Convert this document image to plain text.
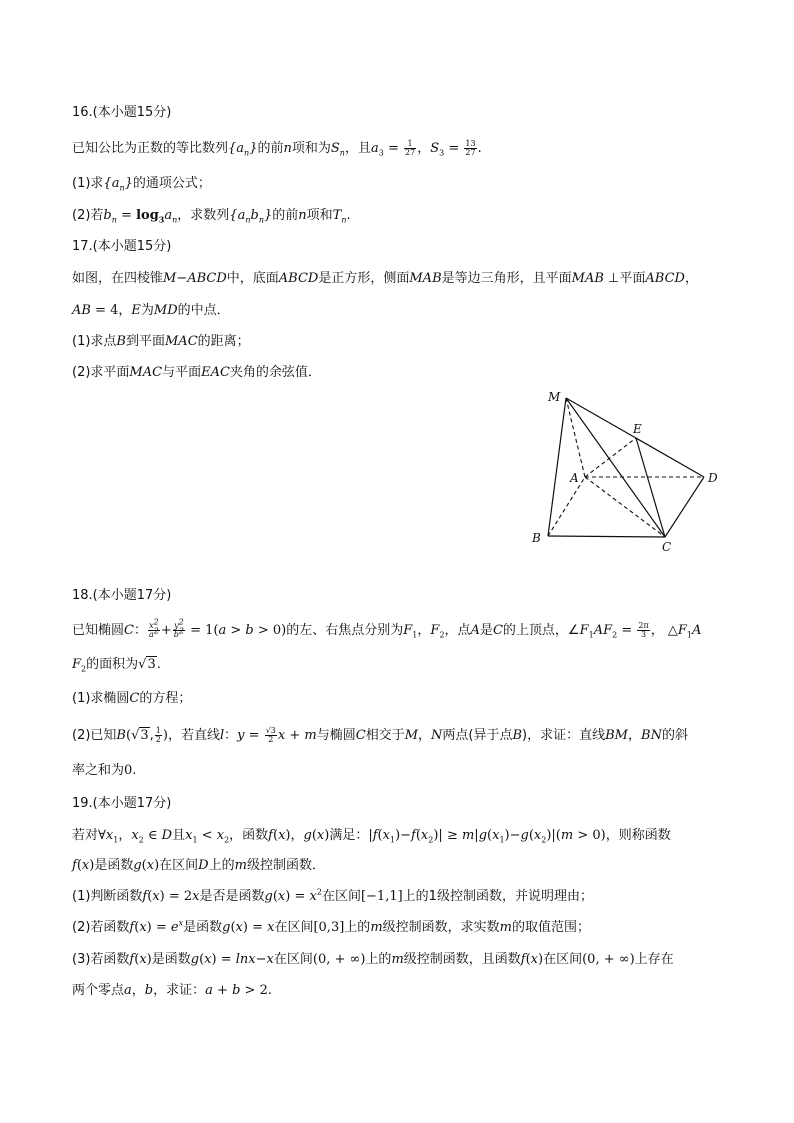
16.(本小题15分)
已知公比为正数的等比数列$\{a_n\}$的前n项和为$S_n$，且$a_3 = \frac{1}{27}$ ，$S_3 = \frac{13}{27}$ .
(1)求$\{a_n\}$的通项公式；
(2)若$b_n = \log_3a_n$，求数列$\{a_nb_n\}$的前n项和$T_n$.
17.(本小题15分)
如图，在四棱锥M−ABCD中，底面ABCD是正方形，侧面MAB是等边三角形，且平面MAB ⊥平面ABCD，
AB = 4，E为MD的中点．
(1)求点B到平面MAC的距离；
(2)求平面MAC与平面EAC夹角的余弦值．
M
E
A	D
B
C
18.(本小题17分)
已知椭圆C： $\frac{x^2}{a^2} + \frac{y^2}{b^2} = 1(a > b > 0)$的左、右焦点分别为$F_1$，$F_2$，点A是C的上顶点，$\angle F_1AF_2 = \frac{2\pi}{3}$ ， $\triangle F_1A$
$F_2$的面积为√3.
(1)求椭圆C的方程；
(2)已知B(√3, $\frac{1}{2}$ )，若直线l：$y = \frac{√3}{2}$ x + m与椭圆C相交于M，N两点(异于点B)，求证：直线BM，BN的斜
率之和为0.
19.(本小题17分)
若对$\forall x_1$，$x_2$ ∈ D且$x_1 < x_2$，函数f(x)，g(x)满足：$|f(x_1)-f(x_2)| \ge m|g(x_1)-g(x_2)|(m > 0)$，则称函数
f(x)是函数g(x)在区间D上的m级控制函数．
(1)判断函数f(x) = 2x是否是函数$g(x) = x^2$在区间[−1,1]上的1级控制函数，并说明理由；
(2)若函数$f(x) = e^x$是函数g(x) = x在区间[0,3]上的m级控制函数，求实数m的取值范围；
(3)若函数f(x)是函数g(x) = lnx−x在区间(0, + ∞)上的m级控制函数，且函数f(x)在区间(0, + ∞)上存在
两个零点a，b，求证：a + b > 2.
